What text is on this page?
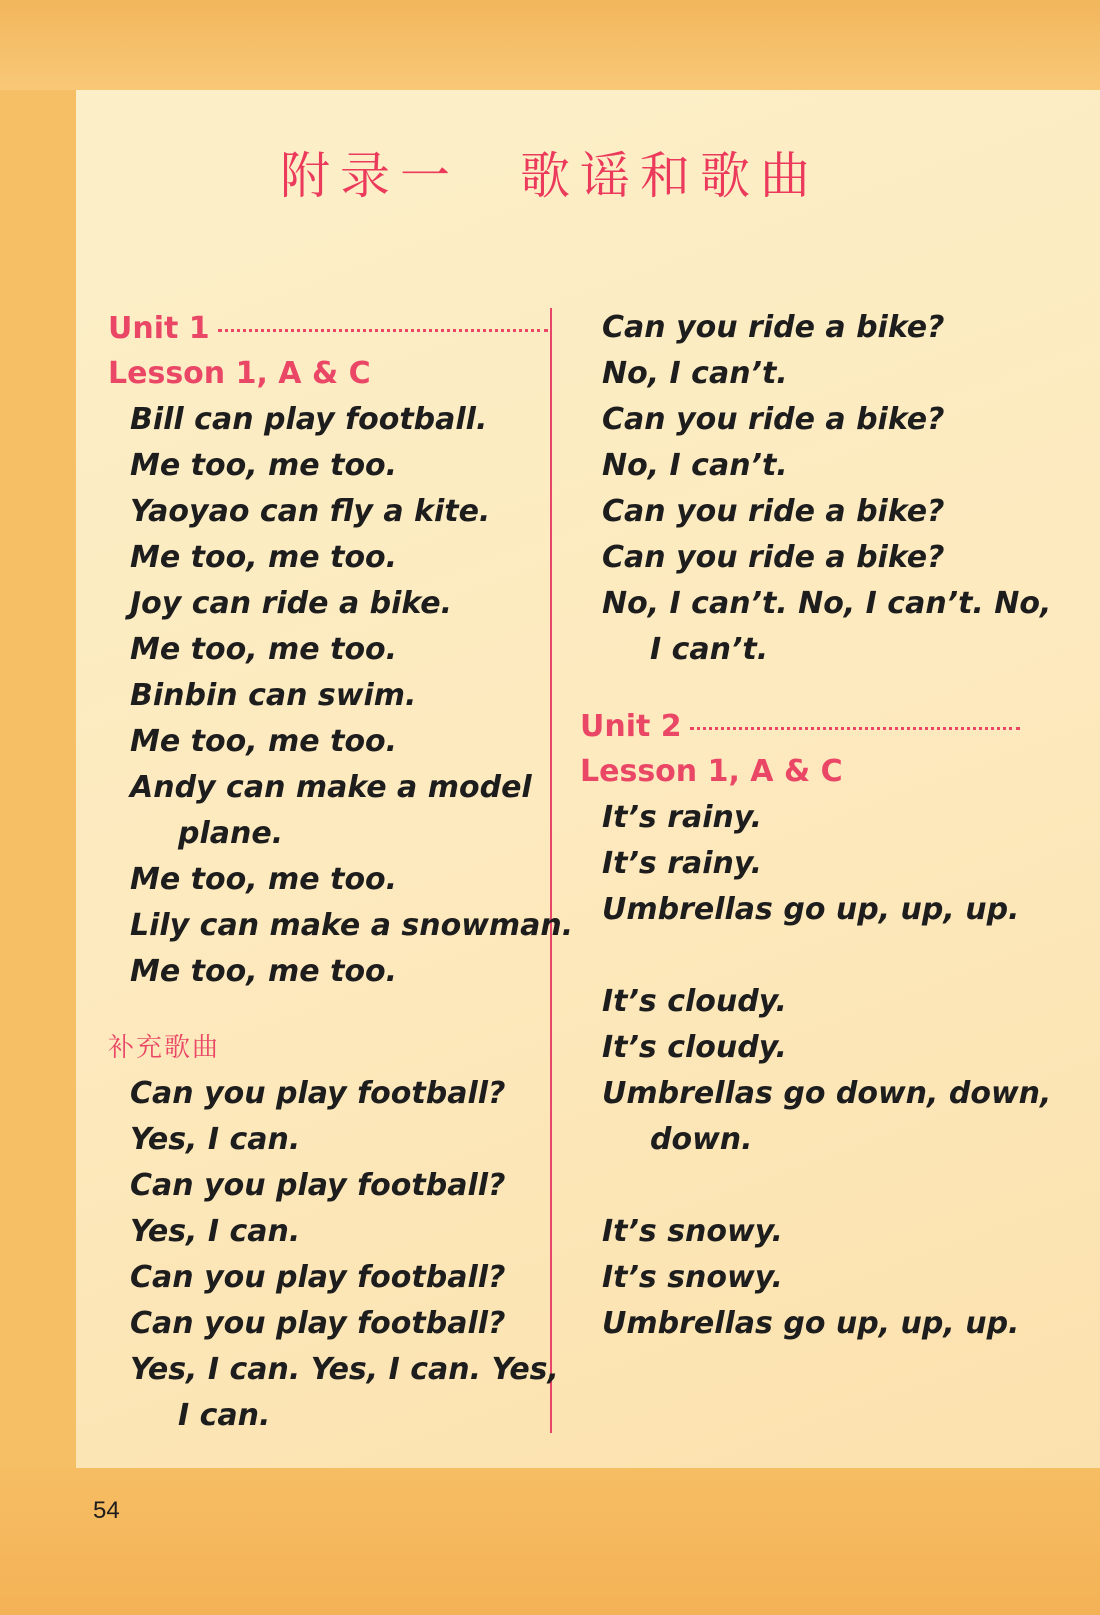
附录一　歌谣和歌曲
Unit 1
Lesson 1, A & C
Bill can play football.
Me too, me too.
Yaoyao can fly a kite.
Me too, me too.
Joy can ride a bike.
Me too, me too.
Binbin can swim.
Me too, me too.
Andy can make a model
plane.
Me too, me too.
Lily can make a snowman.
Me too, me too.
补充歌曲
Can you play football?
Yes, I can.
Can you play football?
Yes, I can.
Can you play football?
Can you play football?
Yes, I can. Yes, I can. Yes,
I can.
Can you ride a bike?
No, I can’t.
Can you ride a bike?
No, I can’t.
Can you ride a bike?
Can you ride a bike?
No, I can’t. No, I can’t. No,
I can’t.
Unit 2
Lesson 1, A & C
It’s rainy.
It’s rainy.
Umbrellas go up, up, up.
It’s cloudy.
It’s cloudy.
Umbrellas go down, down,
down.
It’s snowy.
It’s snowy.
Umbrellas go up, up, up.
54
